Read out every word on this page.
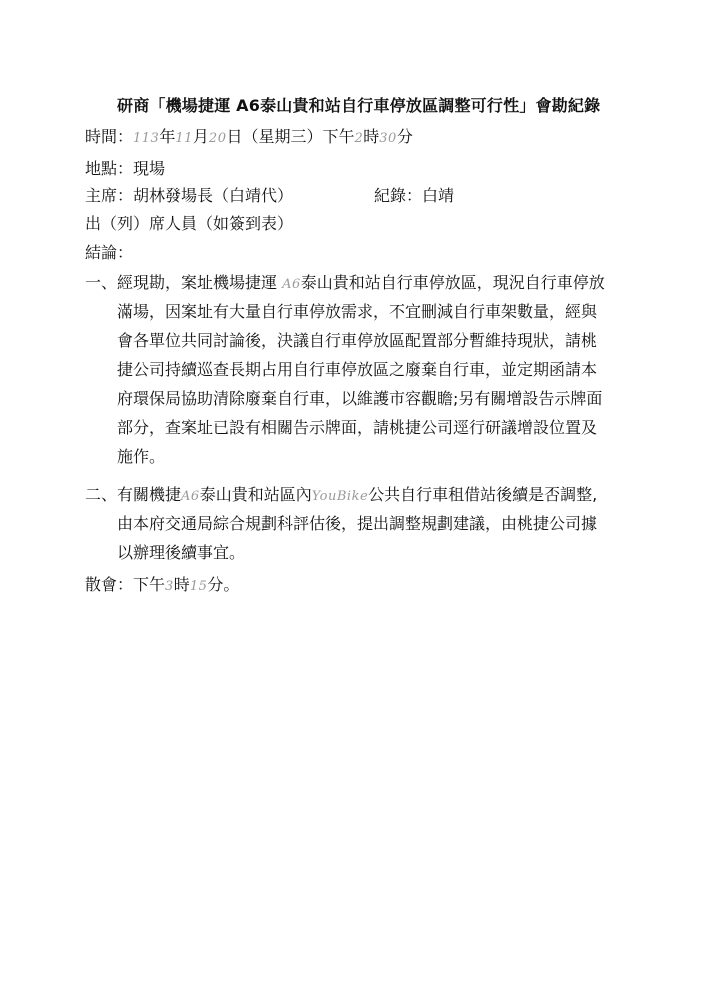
研商「機場捷運 A6泰山貴和站自行車停放區調整可行性」會勘紀錄
時間：113年11月20日（星期三）下午2時30分
地點：現場
主席：胡林發場長（白靖代）	紀錄：白靖
出（列）席人員（如簽到表）
結論：
一、 經現勘，案址機場捷運 A6泰山貴和站自行車停放區，現況自行車停放
滿場，因案址有大量自行車停放需求，不宜刪減自行車架數量，經與
會各單位共同討論後，決議自行車停放區配置部分暫維持現狀，請桃
捷公司持續巡查長期占用自行車停放區之廢棄自行車，並定期函請本
府環保局協助清除廢棄自行車，以維護市容觀瞻;另有關增設告示牌面
部分，查案址已設有相關告示牌面，請桃捷公司逕行研議增設位置及
施作。
二、 有關機捷A6泰山貴和站區內YouBike公共自行車租借站後續是否調整,
由本府交通局綜合規劃科評估後，提出調整規劃建議，由桃捷公司據
以辦理後續事宜。
散會：下午3時15分。
